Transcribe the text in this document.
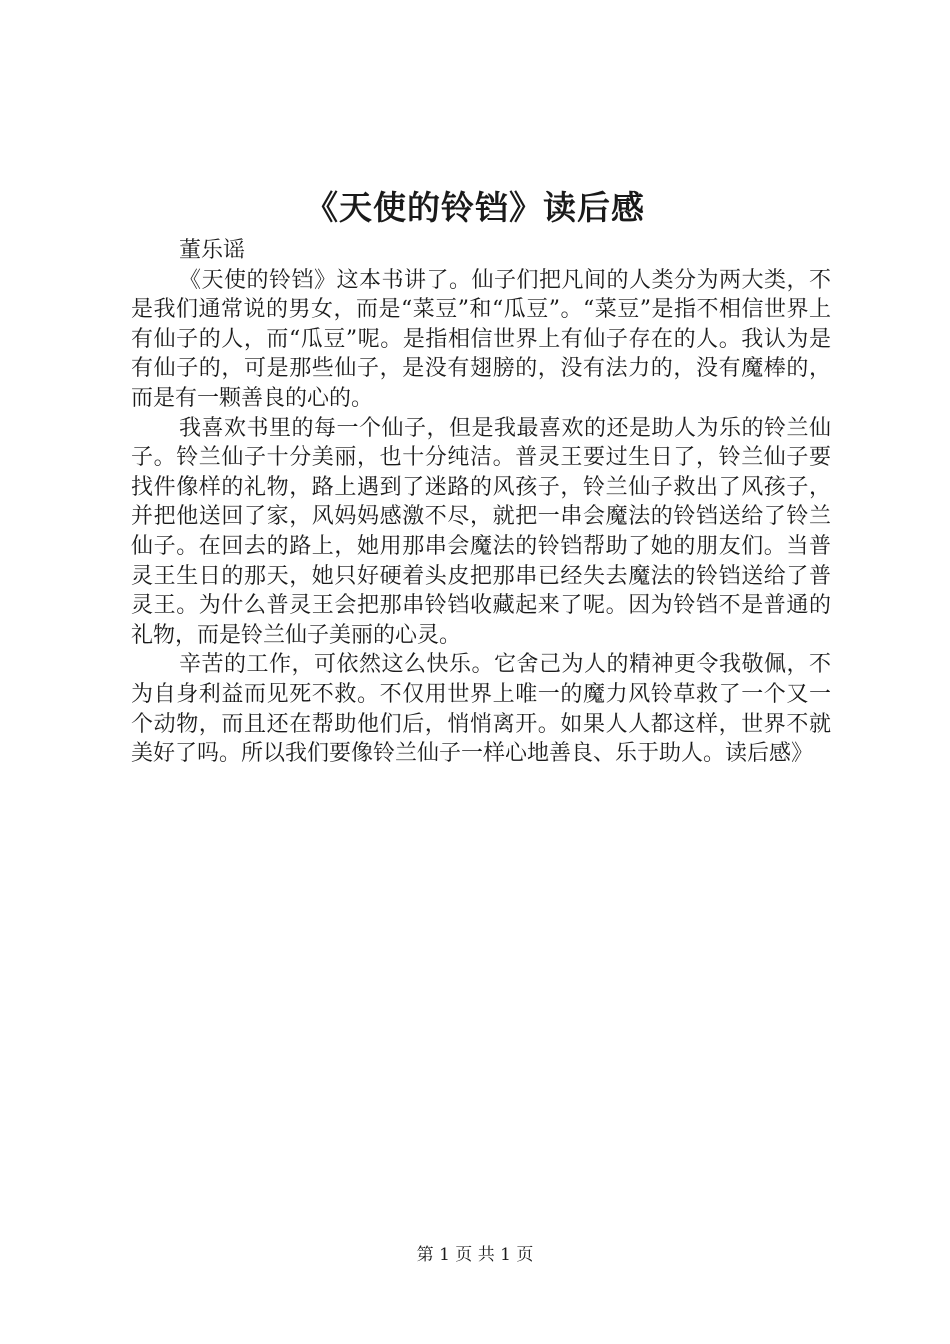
《天使的铃铛》读后感

董乐谣

《天使的铃铛》这本书讲了。仙子们把凡间的人类分为两大类，不是我们通常说的男女，而是“菜豆”和“瓜豆”。“菜豆”是指不相信世界上有仙子的人，而“瓜豆”呢。是指相信世界上有仙子存在的人。我认为是有仙子的，可是那些仙子，是没有翅膀的，没有法力的，没有魔棒的，而是有一颗善良的心的。

我喜欢书里的每一个仙子，但是我最喜欢的还是助人为乐的铃兰仙子。铃兰仙子十分美丽，也十分纯洁。普灵王要过生日了，铃兰仙子要找件像样的礼物，路上遇到了迷路的风孩子，铃兰仙子救出了风孩子，并把他送回了家，风妈妈感激不尽，就把一串会魔法的铃铛送给了铃兰仙子。在回去的路上，她用那串会魔法的铃铛帮助了她的朋友们。当普灵王生日的那天，她只好硬着头皮把那串已经失去魔法的铃铛送给了普灵王。为什么普灵王会把那串铃铛收藏起来了呢。因为铃铛不是普通的礼物，而是铃兰仙子美丽的心灵。

辛苦的工作，可依然这么快乐。它舍己为人的精神更令我敬佩，不为自身利益而见死不救。不仅用世界上唯一的魔力风铃草救了一个又一个动物，而且还在帮助他们后，悄悄离开。如果人人都这样，世界不就美好了吗。所以我们要像铃兰仙子一样心地善良、乐于助人。读后感》

第 1 页 共 1 页
